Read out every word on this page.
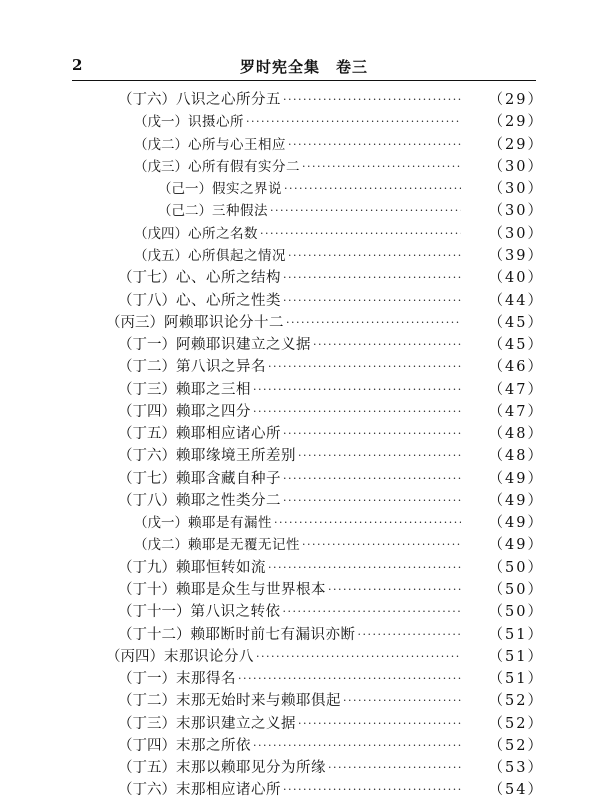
2	罗时宪全集　卷三
（丁六） 八识之心所分五 · · ·	（29）
（戊一） 识摄心所 · · ·	（29）
（戊二） 心所与心王相应 · · ·	（29）
（戊三） 心所有假有实分二 · · ·	（30）
（己一） 假实之界说 · · ·	（30）
（己二） 三种假法 · · ·	（30）
（戊四） 心所之名数 · · ·	（30）
（戊五） 心所俱起之情况 · · ·	（39）
（丁七） 心、心所之结构 · · ·	（40）
（丁八） 心、心所之性类 · · ·	（44）
（丙三） 阿赖耶识论分十二 · · ·	（45）
（丁一） 阿赖耶识建立之义据 · · ·	（45）
（丁二） 第八识之异名 · · ·	（46）
（丁三） 赖耶之三相 · · ·	（47）
（丁四） 赖耶之四分 · · ·	（47）
（丁五） 赖耶相应诸心所 · · ·	（48）
（丁六） 赖耶缘境王所差别 · · ·	（48）
（丁七） 赖耶含藏自种子 · · ·	（49）
（丁八） 赖耶之性类分二 · · ·	（49）
（戊一） 赖耶是有漏性 · · ·	（49）
（戊二） 赖耶是无覆无记性 · · ·	（49）
（丁九） 赖耶恒转如流 · · ·	（50）
（丁十） 赖耶是众生与世界根本 · · ·	（50）
（丁十一） 第八识之转依 · · ·	（50）
（丁十二） 赖耶断时前七有漏识亦断 · · ·	（51）
（丙四） 末那识论分八 · · ·	（51）
（丁一） 末那得名 · · ·	（51）
（丁二） 末那无始时来与赖耶俱起 · · ·	（52）
（丁三） 末那识建立之义据 · · ·	（52）
（丁四） 末那之所依 · · ·	（52）
（丁五） 末那以赖耶见分为所缘 · · ·	（53）
（丁六） 末那相应诸心所 · · ·	（54）
